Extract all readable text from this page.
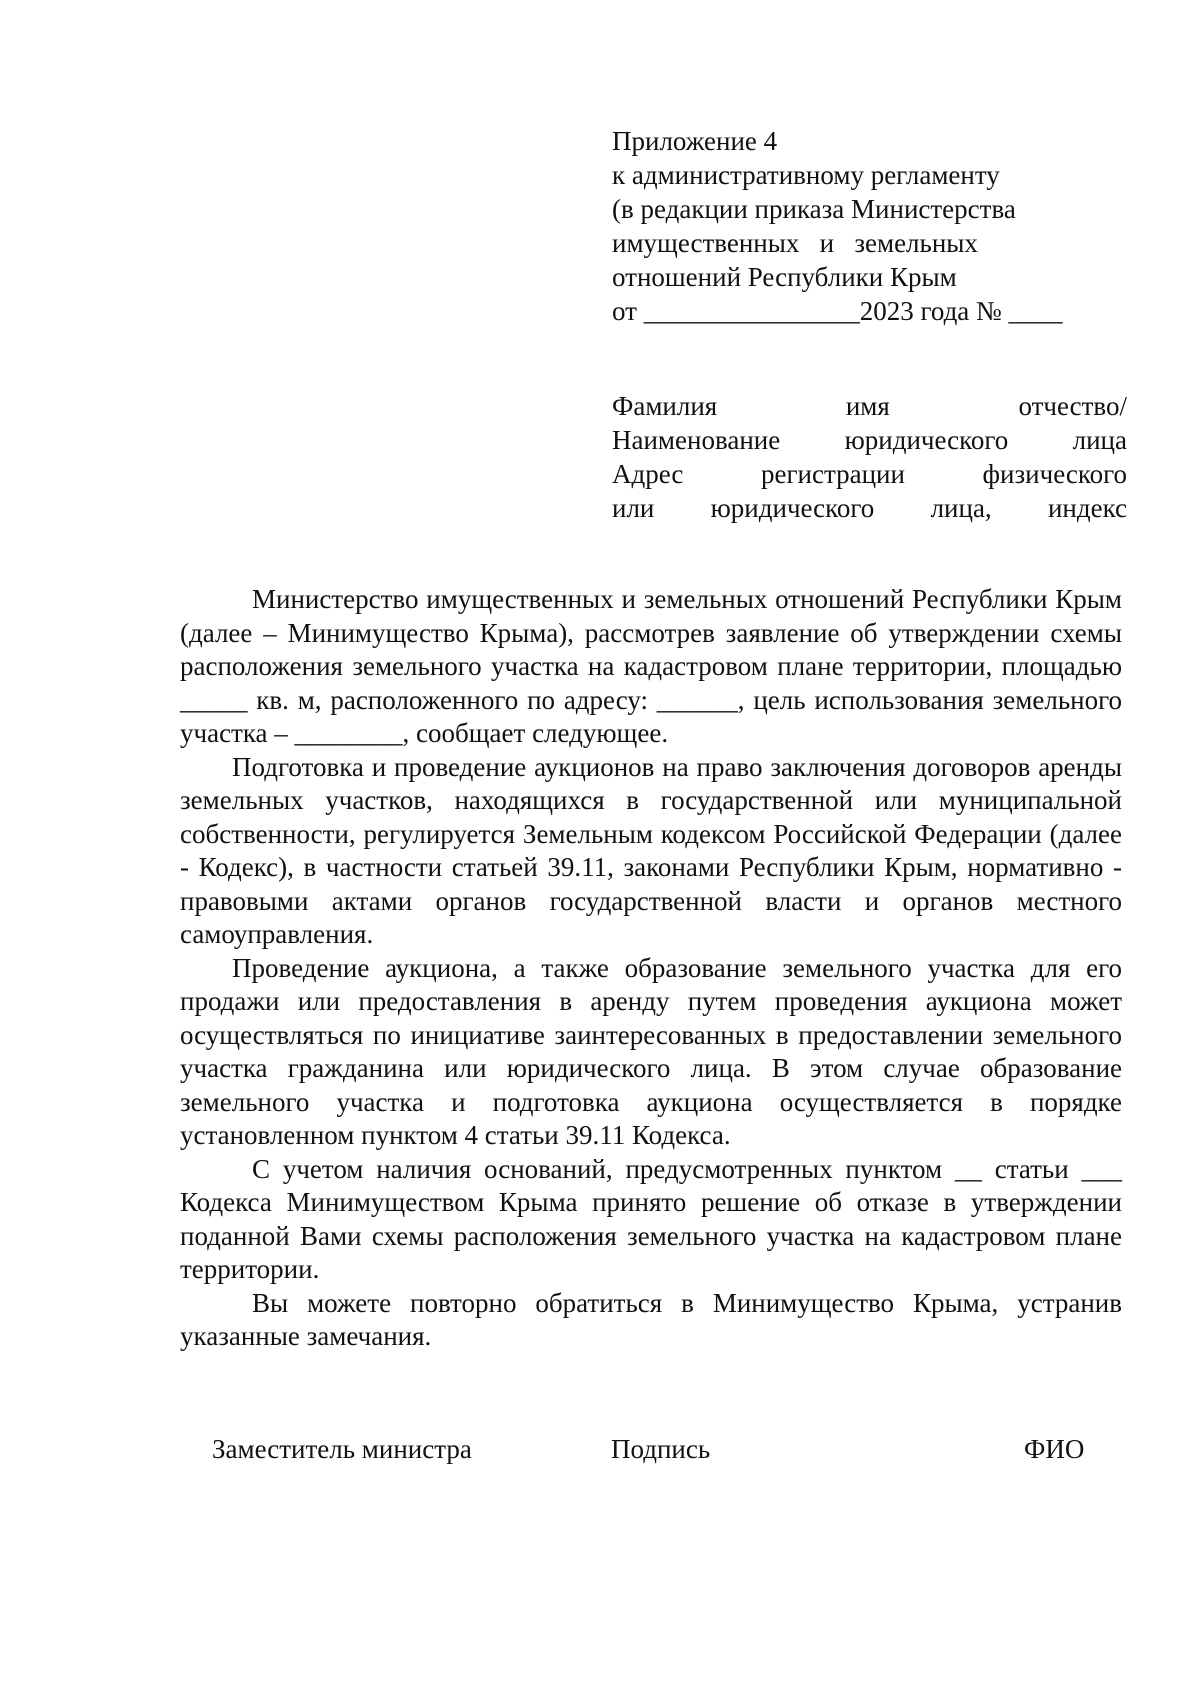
Приложение 4
к административному регламенту
(в редакции приказа Министерства
имущественных   и   земельных
отношений Республики Крым
от ________________2023 года № ____
Фамилия имя отчество/
Наименование юридического лица
Адрес регистрации физического
или юридического лица, индекс

Министерство имущественных и земельных отношений Республики Крым (далее – Минимущество Крыма), рассмотрев заявление об утверждении схемы расположения земельного участка на кадастровом плане территории, площадью _____ кв. м, расположенного по адресу: ______, цель использования земельного участка – ________, сообщает следующее.

Подготовка и проведение аукционов на право заключения договоров аренды земельных участков, находящихся в государственной или муниципальной собственности, регулируется Земельным кодексом Российской Федерации (далее - Кодекс), в частности статьей 39.11, законами Республики Крым, нормативно - правовыми актами органов государственной власти и органов местного самоуправления.

Проведение аукциона, а также образование земельного участка для его продажи или предоставления в аренду путем проведения аукциона может осуществляться по инициативе заинтересованных в предоставлении земельного участка гражданина или юридического лица. В этом случае образование земельного участка и подготовка аукциона осуществляется в порядке установленном пунктом 4 статьи 39.11 Кодекса.

С учетом наличия оснований, предусмотренных пунктом __ статьи ___ Кодекса Минимуществом Крыма принято решение об отказе в утверждении поданной Вами схемы расположения земельного участка на кадастровом плане территории.

Вы можете повторно обратиться в Минимущество Крыма, устранив указанные замечания.

Заместитель министра	Подпись	ФИО
